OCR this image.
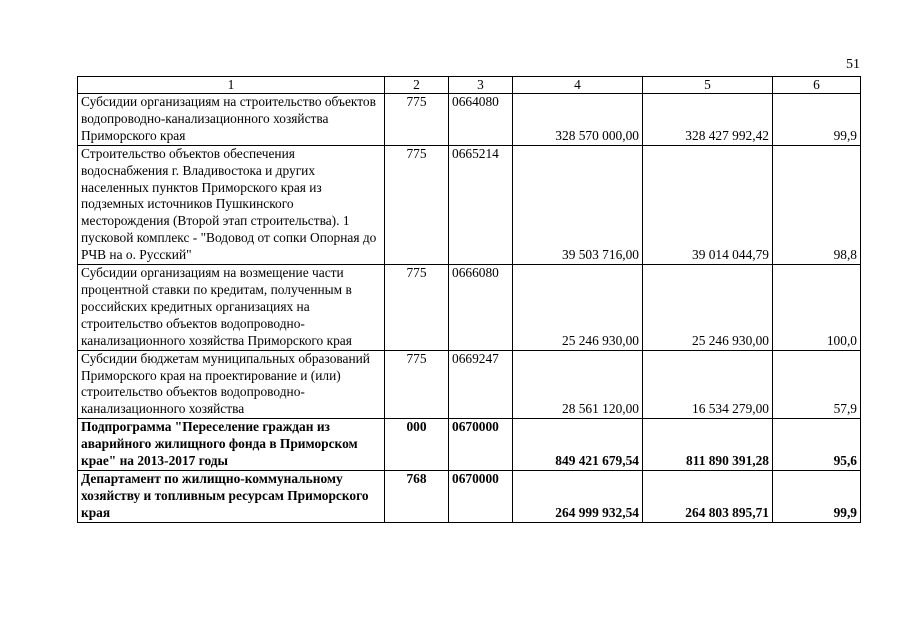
51
1	2	3	4	5	6
Субсидии организациям на строительство объектов водопроводно-канализационного хозяйства Приморского края	775	0664080	328 570 000,00	328 427 992,42	99,9
Строительство объектов обеспечения водоснабжения г. Владивостока и других населенных пунктов Приморского края из подземных источников Пушкинского месторождения (Второй этап строительства). 1 пусковой комплекс - "Водовод от сопки Опорная до РЧВ на о. Русский"	775	0665214	39 503 716,00	39 014 044,79	98,8
Субсидии организациям на возмещение части процентной ставки по кредитам, полученным в российских кредитных организациях на строительство объектов водопроводно-канализационного хозяйства Приморского края	775	0666080	25 246 930,00	25 246 930,00	100,0
Субсидии бюджетам муниципальных образований Приморского края на проектирование и (или) строительство объектов водопроводно-канализационного хозяйства	775	0669247	28 561 120,00	16 534 279,00	57,9
Подпрограмма "Переселение граждан из аварийного жилищного фонда в Приморском крае" на 2013-2017 годы	000	0670000	849 421 679,54	811 890 391,28	95,6
Департамент по жилищно-коммунальному хозяйству и топливным ресурсам Приморского края	768	0670000	264 999 932,54	264 803 895,71	99,9
